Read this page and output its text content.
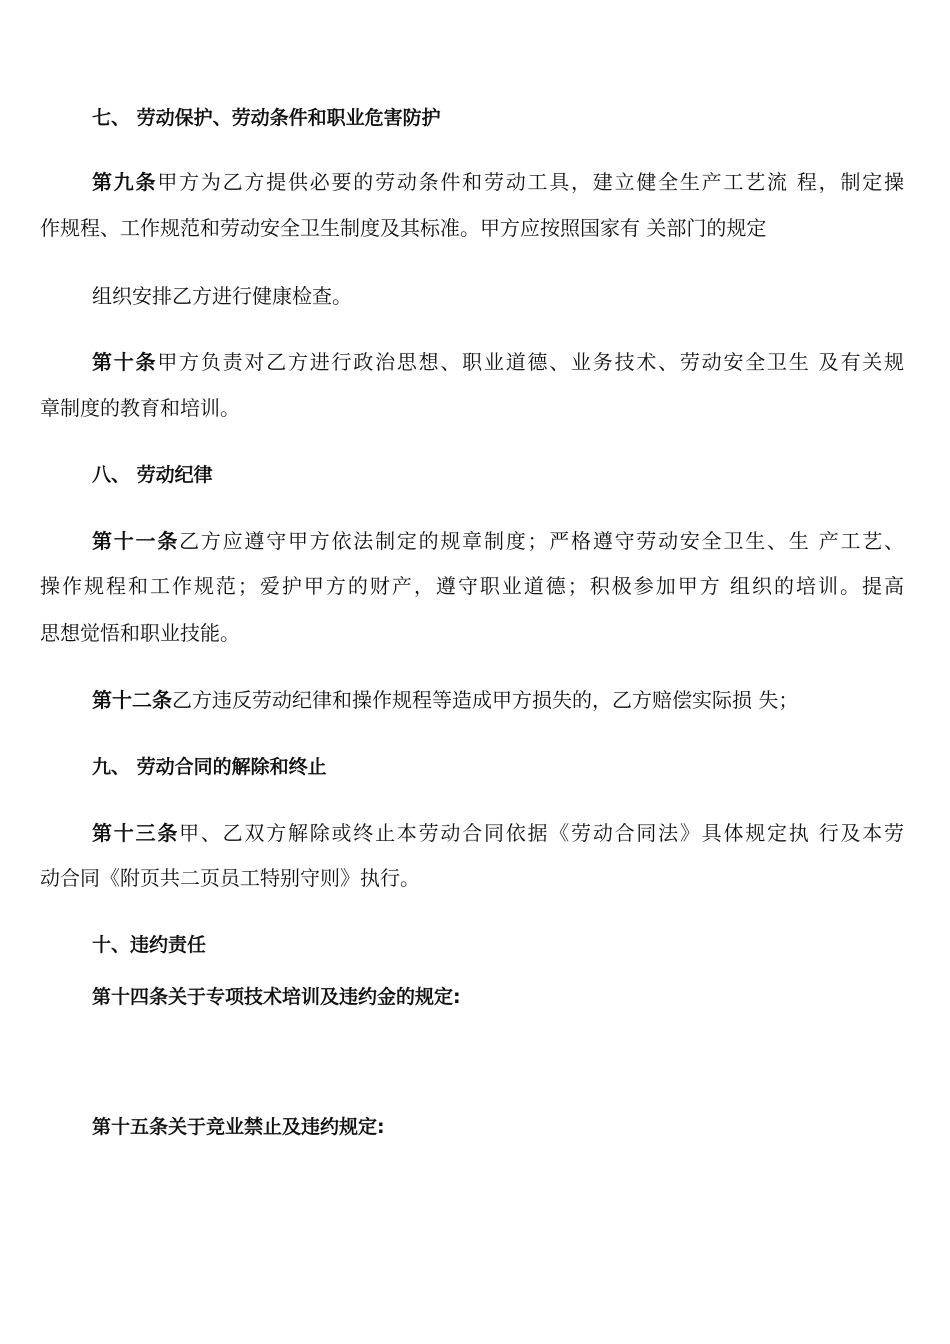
七、 劳动保护、劳动条件和职业危害防护
第九条甲方为乙方提供必要的劳动条件和劳动工具，建立健全生产工艺流 程，制定操
作规程、工作规范和劳动安全卫生制度及其标准。甲方应按照国家有 关部门的规定
组织安排乙方进行健康检查。
第十条甲方负责对乙方进行政治思想、职业道德、业务技术、劳动安全卫生 及有关规
章制度的教育和培训。
八、 劳动纪律
第十一条乙方应遵守甲方依法制定的规章制度；严格遵守劳动安全卫生、生 产工艺、
操作规程和工作规范；爱护甲方的财产，遵守职业道德；积极参加甲方 组织的培训。提高
思想觉悟和职业技能。
第十二条乙方违反劳动纪律和操作规程等造成甲方损失的，乙方赔偿实际损 失；
九、 劳动合同的解除和终止
第十三条甲、乙双方解除或终止本劳动合同依据《劳动合同法》具体规定执 行及本劳
动合同《附页共二页员工特别守则》执行。
十、违约责任
第十四条关于专项技术培训及违约金的规定:
第十五条关于竞业禁止及违约规定:
